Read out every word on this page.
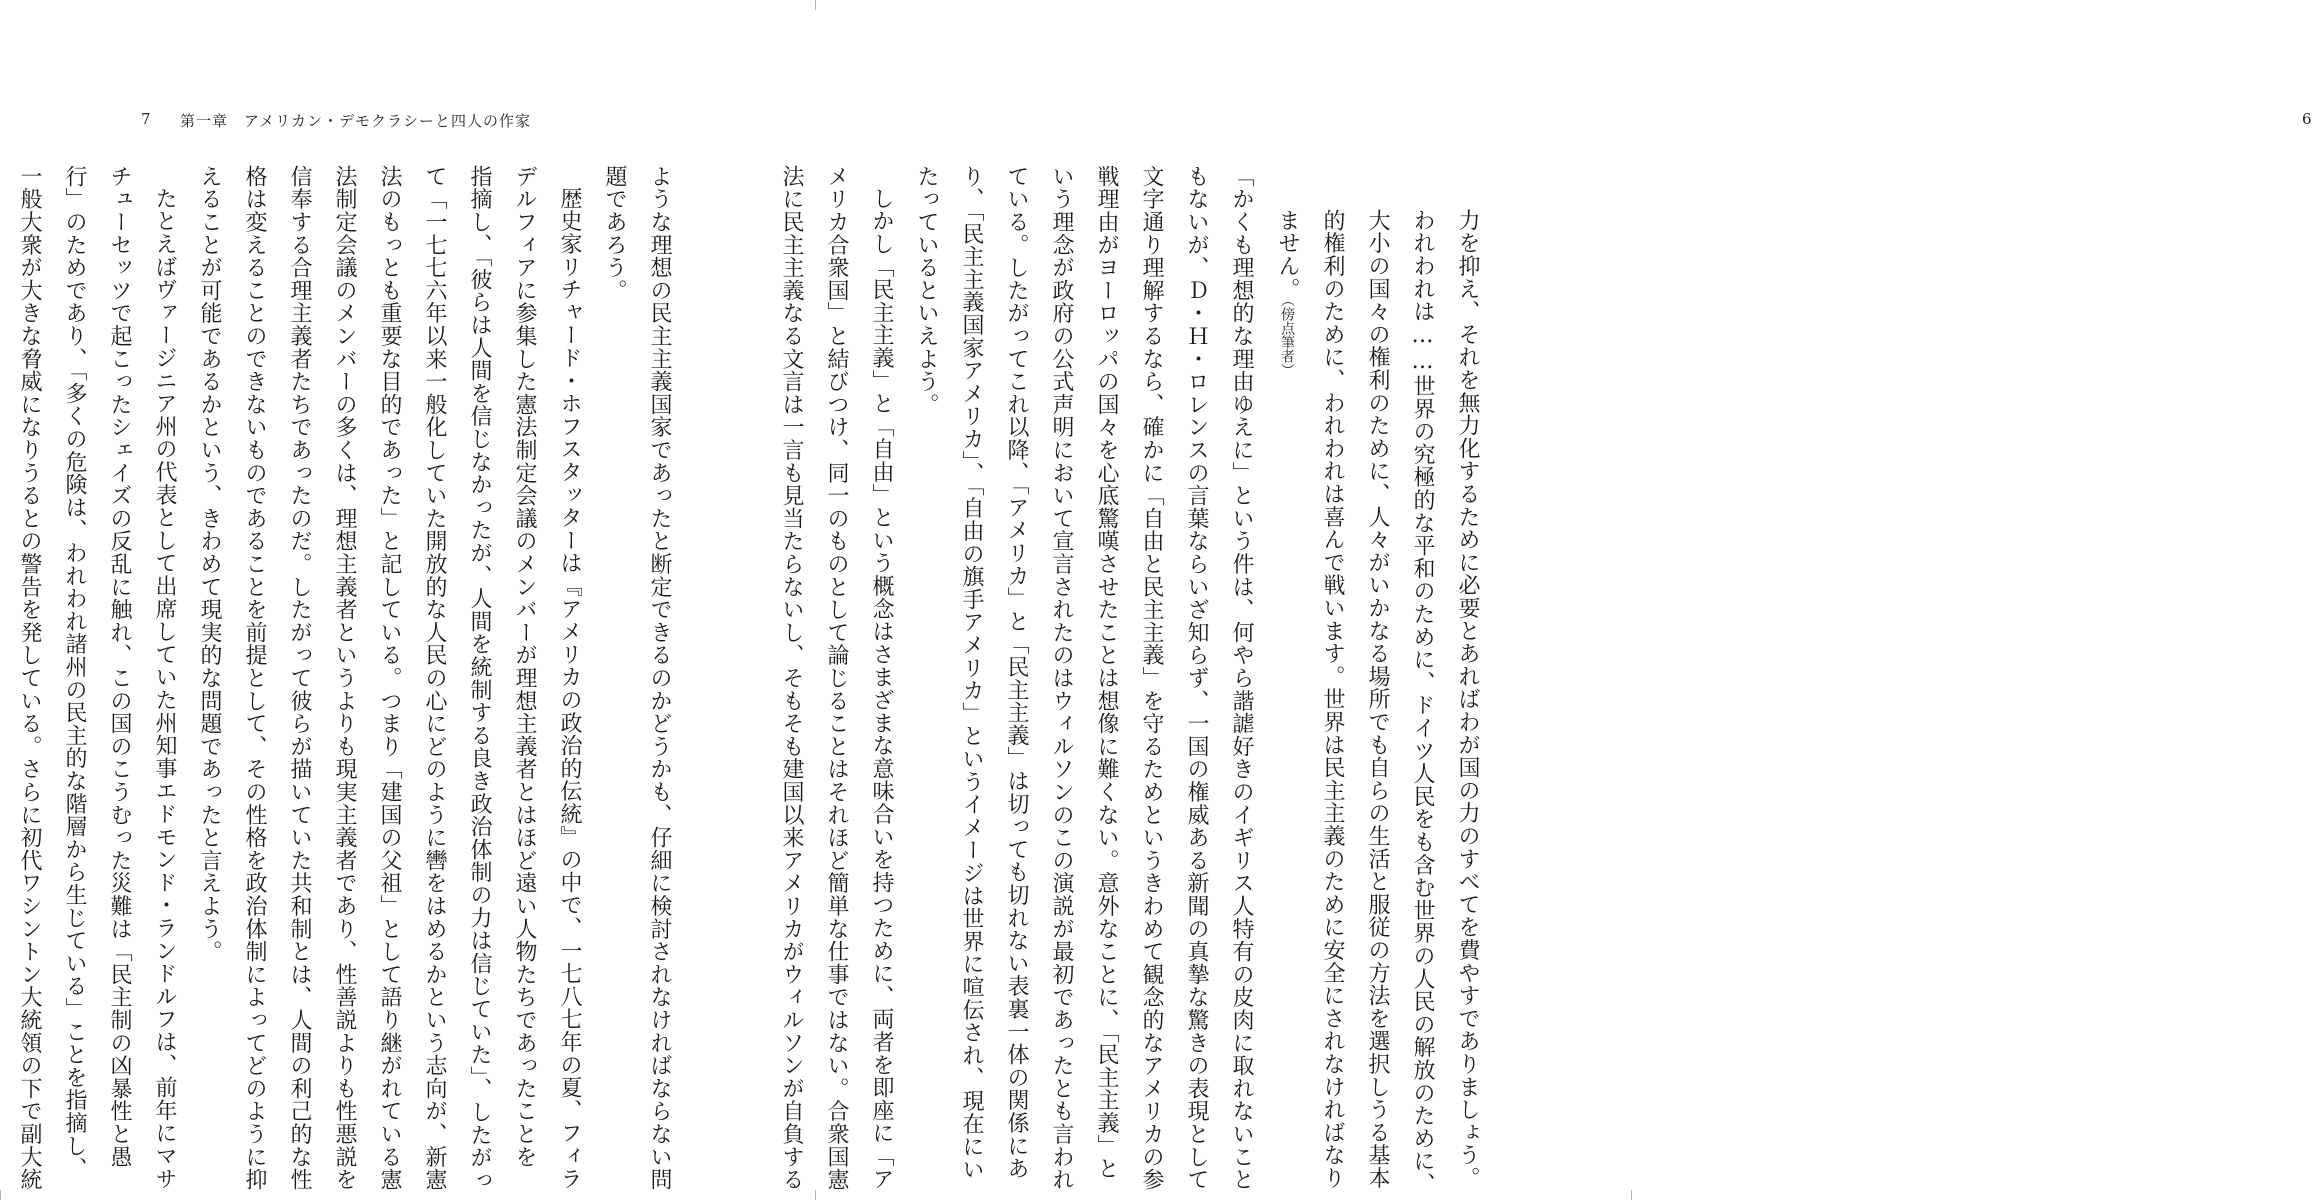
7 第一章　アメリカン・デモクラシーと四人の作家
ような理想の民主主義国家であったと断定できるのかどうかも、仔細に検討されなければならない問
題であろう。
歴史家リチャード・ホフスタッターは『アメリカの政治的伝統』の中で、一七八七年の夏、フィラ
デルフィアに参集した憲法制定会議のメンバーが理想主義者とはほど遠い人物たちであったことを
指摘し、「彼らは人間を信じなかったが、人間を統制する良き政治体制の力は信じていた」、したがっ
て「一七七六年以来一般化していた開放的な人民の心にどのように轡をはめるかという志向が、新憲
法のもっとも重要な目的であった」と記している。つまり「建国の父祖」として語り継がれている憲
法制定会議のメンバーの多くは、理想主義者というよりも現実主義者であり、性善説よりも性悪説を
信奉する合理主義者たちであったのだ。したがって彼らが描いていた共和制とは、人間の利己的な性
格は変えることのできないものであることを前提として、その性格を政治体制によってどのように抑
えることが可能であるかという、きわめて現実的な問題であったと言えよう。
たとえばヴァージニア州の代表として出席していた州知事エドモンド・ランドルフは、前年にマサ
チューセッツで起こったシェイズの反乱に触れ、この国のこうむった災難は「民主制の凶暴性と愚
行」のためであり、「多くの危険は、われわれ諸州の民主的な階層から生じている」ことを指摘し、
一般大衆が大きな脅威になりうるとの警告を発している。さらに初代ワシントン大統領の下で副大統
6
力を抑え、それを無力化するために必要とあればわが国の力のすべてを費やすでありましょう。
われわれは……世界の究極的な平和のために、ドイツ人民をも含む世界の人民の解放のために、
大小の国々の権利のために、人々がいかなる場所でも自らの生活と服従の方法を選択しうる基本
的権利のために、われわれは喜んで戦います。世界は民主主義のために安全にされなければなり
ません。（傍点筆者）
「かくも理想的な理由ゆえに」という件は、何やら諧謔好きのイギリス人特有の皮肉に取れないこと
もないが、Ｄ・Ｈ・ロレンスの言葉ならいざ知らず、一国の権威ある新聞の真摯な驚きの表現として
文字通り理解するなら、確かに「自由と民主主義」を守るためというきわめて観念的なアメリカの参
戦理由がヨーロッパの国々を心底驚嘆させたことは想像に難くない。意外なことに、「民主主義」と
いう理念が政府の公式声明において宣言されたのはウィルソンのこの演説が最初であったとも言われ
ている。したがってこれ以降、「アメリカ」と「民主主義」は切っても切れない表裏一体の関係にあ
り、「民主主義国家アメリカ」、「自由の旗手アメリカ」というイメージは世界に喧伝され、現在にい
たっているといえよう。
しかし「民主主義」と「自由」という概念はさまざまな意味合いを持つために、両者を即座に「ア
メリカ合衆国」と結びつけ、同一のものとして論じることはそれほど簡単な仕事ではない。合衆国憲
法に民主主義なる文言は一言も見当たらないし、そもそも建国以来アメリカがウィルソンが自負する
